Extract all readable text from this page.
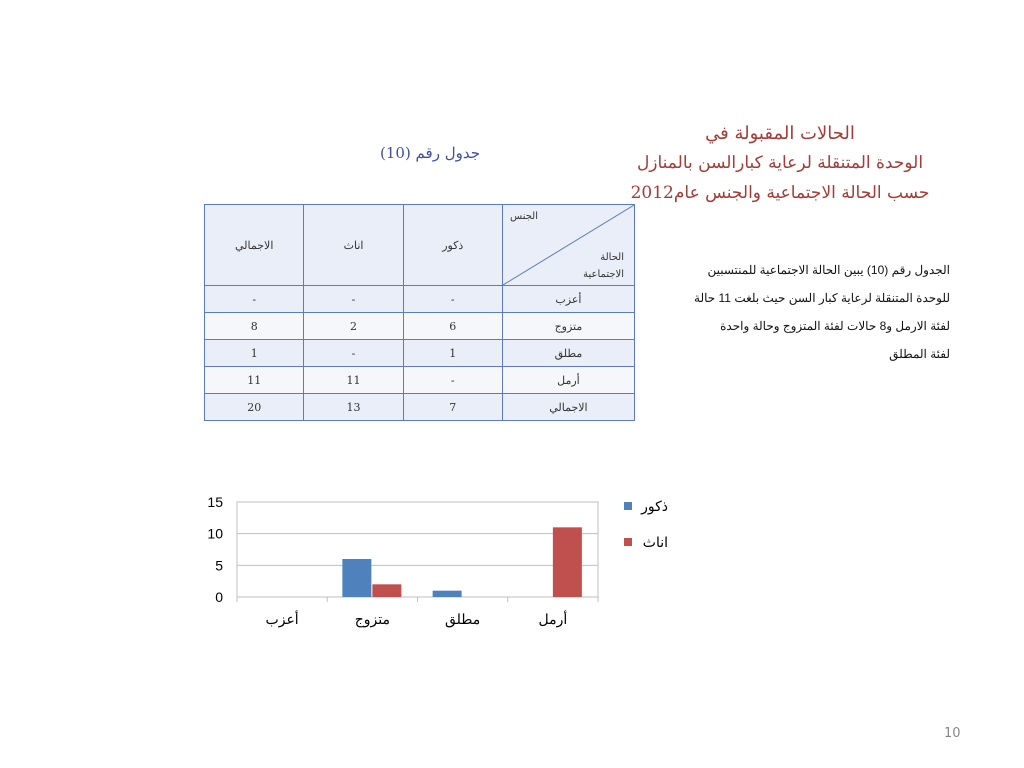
الحالات المقبولة في
الوحدة المتنقلة لرعاية كبارالسن بالمنازل
حسب الحالة الاجتماعية والجنس عام2012
جدول رقم (10)
الاجمالي	اناث	ذكور	الجنس
الحالة
الاجتماعية

-	-	-	أعزب
8	2	6	متزوج
1	-	1	مطلق
11	11	-	أرمل
20	13	7	الاجمالي
الجدول رقم (10) يبين الحالة الاجتماعية للمنتسبين
للوحدة المتنقلة لرعاية كبار السن حيث بلغت 11 حالة
لفئة الارمل و8 حالات لفئة المتزوج وحالة واحدة
لفئة المطلق
0
5
10
15
أعزب	متزوج	مطلق	أرمل
ذكور
اناث
10
